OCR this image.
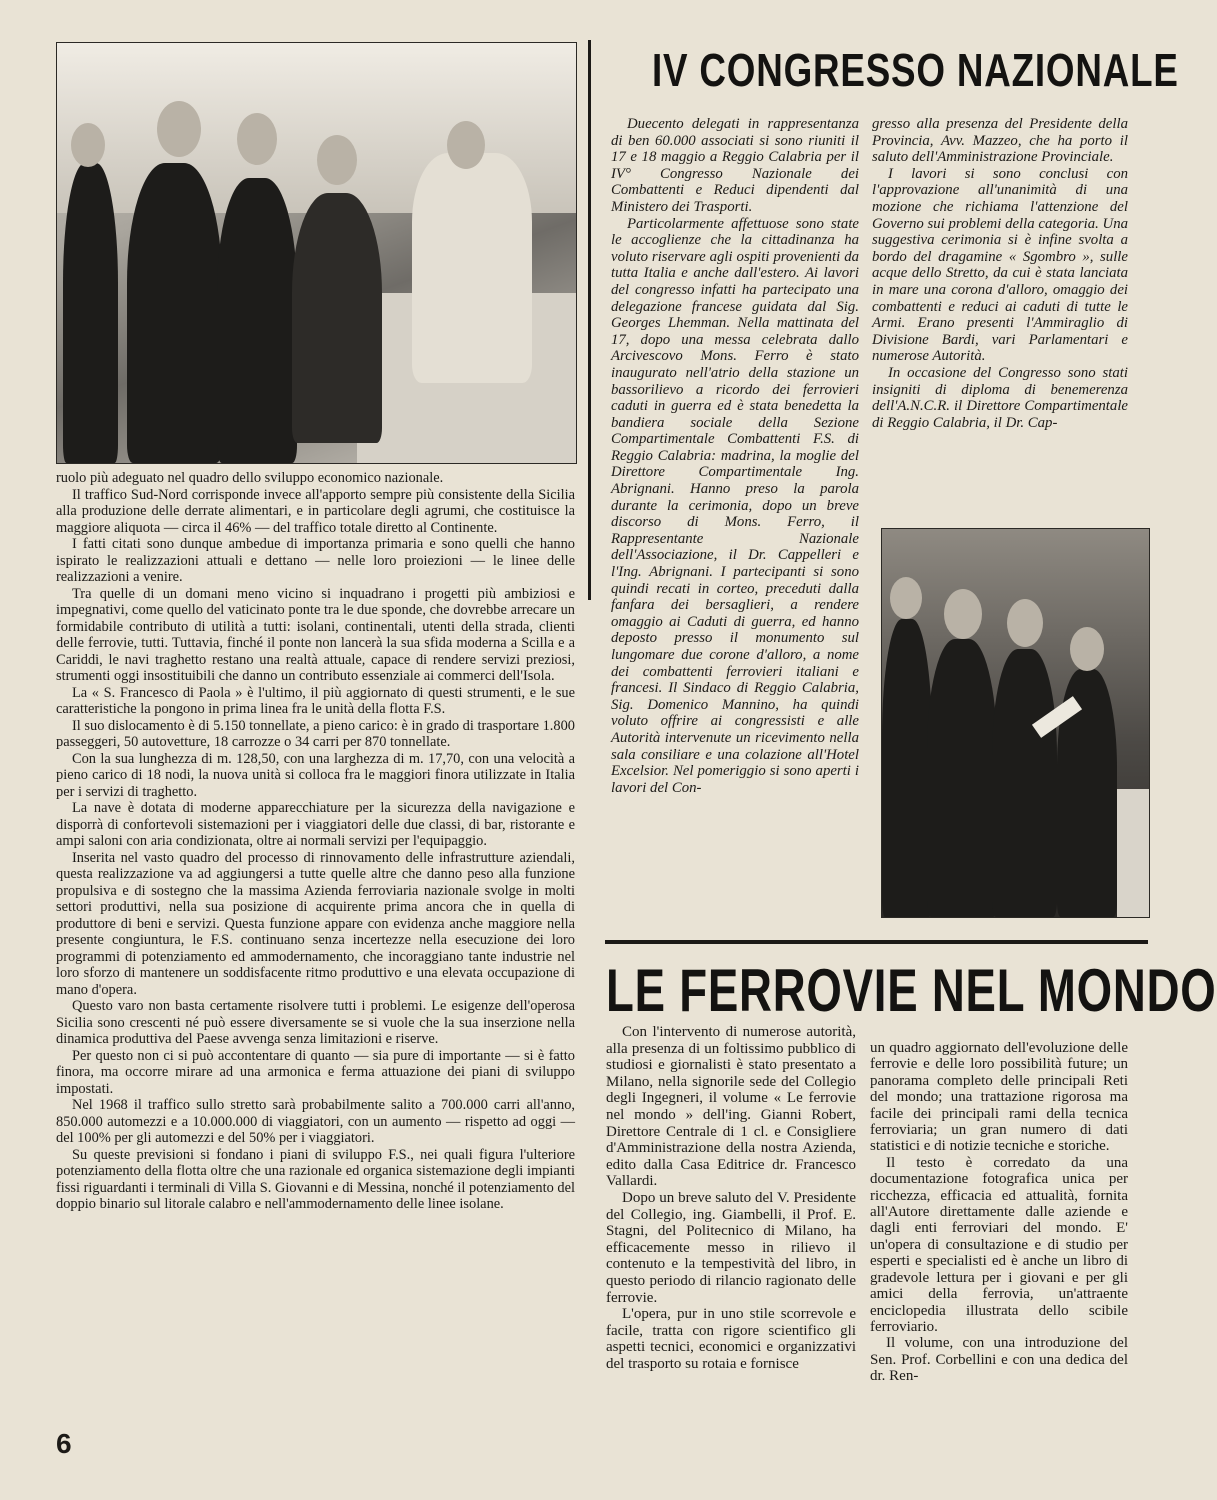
ruolo più adeguato nel quadro dello sviluppo economico nazionale.

Il traffico Sud-Nord corrisponde invece all'apporto sempre più consistente della Sicilia alla produzione delle derrate alimentari, e in particolare degli agrumi, che costituisce la maggiore aliquota — circa il 46% — del traffico totale diretto al Continente.

I fatti citati sono dunque ambedue di importanza primaria e sono quelli che hanno ispirato le realizzazioni attuali e dettano — nelle loro proiezioni — le linee delle realizzazioni a venire.

Tra quelle di un domani meno vicino si inquadrano i progetti più ambiziosi e impegnativi, come quello del vaticinato ponte tra le due sponde, che dovrebbe arrecare un formidabile contributo di utilità a tutti: isolani, continentali, utenti della strada, clienti delle ferrovie, tutti. Tuttavia, finché il ponte non lancerà la sua sfida moderna a Scilla e a Cariddi, le navi traghetto restano una realtà attuale, capace di rendere servizi preziosi, strumenti oggi insostituibili che danno un contributo essenziale ai commerci dell'Isola.

La « S. Francesco di Paola » è l'ultimo, il più aggiornato di questi strumenti, e le sue caratteristiche la pongono in prima linea fra le unità della flotta F.S.

Il suo dislocamento è di 5.150 tonnellate, a pieno carico: è in grado di trasportare 1.800 passeggeri, 50 autovetture, 18 carrozze o 34 carri per 870 tonnellate.

Con la sua lunghezza di m. 128,50, con una larghezza di m. 17,70, con una velocità a pieno carico di 18 nodi, la nuova unità si colloca fra le maggiori finora utilizzate in Italia per i servizi di traghetto.

La nave è dotata di moderne apparecchiature per la sicurezza della navigazione e disporrà di confortevoli sistemazioni per i viaggiatori delle due classi, di bar, ristorante e ampi saloni con aria condizionata, oltre ai normali servizi per l'equipaggio.

Inserita nel vasto quadro del processo di rinnovamento delle infrastrutture aziendali, questa realizzazione va ad aggiungersi a tutte quelle altre che danno peso alla funzione propulsiva e di sostegno che la massima Azienda ferroviaria nazionale svolge in molti settori produttivi, nella sua posizione di acquirente prima ancora che in quella di produttore di beni e servizi. Questa funzione appare con evidenza anche maggiore nella presente congiuntura, le F.S. continuano senza incertezze nella esecuzione dei loro programmi di potenziamento ed ammodernamento, che incoraggiano tante industrie nel loro sforzo di mantenere un soddisfacente ritmo produttivo e una elevata occupazione di mano d'opera.

Questo varo non basta certamente risolvere tutti i problemi. Le esigenze dell'operosa Sicilia sono crescenti né può essere diversamente se si vuole che la sua inserzione nella dinamica produttiva del Paese avvenga senza limitazioni e riserve.

Per questo non ci si può accontentare di quanto — sia pure di importante — si è fatto finora, ma occorre mirare ad una armonica e ferma attuazione dei piani di sviluppo impostati.

Nel 1968 il traffico sullo stretto sarà probabilmente salito a 700.000 carri all'anno, 850.000 automezzi e a 10.000.000 di viaggiatori, con un aumento — rispetto ad oggi — del 100% per gli automezzi e del 50% per i viaggiatori.

Su queste previsioni si fondano i piani di sviluppo F.S., nei quali figura l'ulteriore potenziamento della flotta oltre che una razionale ed organica sistemazione degli impianti fissi riguardanti i terminali di Villa S. Giovanni e di Messina, nonché il potenziamento del doppio binario sul litorale calabro e nell'ammodernamento delle linee isolane.

6
IV CONGRESSO NAZIONALE

Duecento delegati in rappresentanza di ben 60.000 associati si sono riuniti il 17 e 18 maggio a Reggio Calabria per il IV° Congresso Nazionale dei Combattenti e Reduci dipendenti dal Ministero dei Trasporti.

Particolarmente affettuose sono state le accoglienze che la cittadinanza ha voluto riservare agli ospiti provenienti da tutta Italia e anche dall'estero. Ai lavori del congresso infatti ha partecipato una delegazione francese guidata dal Sig. Georges Lhemman. Nella mattinata del 17, dopo una messa celebrata dallo Arcivescovo Mons. Ferro è stato inaugurato nell'atrio della stazione un bassorilievo a ricordo dei ferrovieri caduti in guerra ed è stata benedetta la bandiera sociale della Sezione Compartimentale Combattenti F.S. di Reggio Calabria: madrina, la moglie del Direttore Compartimentale Ing. Abrignani. Hanno preso la parola durante la cerimonia, dopo un breve discorso di Mons. Ferro, il Rappresentante Nazionale dell'Associazione, il Dr. Cappelleri e l'Ing. Abrignani. I partecipanti si sono quindi recati in corteo, preceduti dalla fanfara dei bersaglieri, a rendere omaggio ai Caduti di guerra, ed hanno deposto presso il monumento sul lungomare due corone d'alloro, a nome dei combattenti ferrovieri italiani e francesi. Il Sindaco di Reggio Calabria, Sig. Domenico Mannino, ha quindi voluto offrire ai congressisti e alle Autorità intervenute un ricevimento nella sala consiliare e una colazione all'Hotel Excelsior. Nel pomeriggio si sono aperti i lavori del Con-

gresso alla presenza del Presidente della Provincia, Avv. Mazzeo, che ha porto il saluto dell'Amministrazione Provinciale.

I lavori si sono conclusi con l'approvazione all'unanimità di una mozione che richiama l'attenzione del Governo sui problemi della categoria. Una suggestiva cerimonia si è infine svolta a bordo del dragamine « Sgombro », sulle acque dello Stretto, da cui è stata lanciata in mare una corona d'alloro, omaggio dei combattenti e reduci ai caduti di tutte le Armi. Erano presenti l'Ammiraglio di Divisione Bardi, vari Parlamentari e numerose Autorità.

In occasione del Congresso sono stati insigniti di diploma di benemerenza dell'A.N.C.R. il Direttore Compartimentale di Reggio Calabria, il Dr. Cap-

LE FERROVIE NEL MONDO

Con l'intervento di numerose autorità, alla presenza di un foltissimo pubblico di studiosi e giornalisti è stato presentato a Milano, nella signorile sede del Collegio degli Ingegneri, il volume « Le ferrovie nel mondo » dell'ing. Gianni Robert, Direttore Centrale di 1 cl. e Consigliere d'Amministrazione della nostra Azienda, edito dalla Casa Editrice dr. Francesco Vallardi.

Dopo un breve saluto del V. Presidente del Collegio, ing. Giambelli, il Prof. E. Stagni, del Politecnico di Milano, ha efficacemente messo in rilievo il contenuto e la tempestività del libro, in questo periodo di rilancio ragionato delle ferrovie.

L'opera, pur in uno stile scorrevole e facile, tratta con rigore scientifico gli aspetti tecnici, economici e organizzativi del trasporto su rotaia e fornisce

un quadro aggiornato dell'evoluzione delle ferrovie e delle loro possibilità future; un panorama completo delle principali Reti del mondo; una trattazione rigorosa ma facile dei principali rami della tecnica ferroviaria; un gran numero di dati statistici e di notizie tecniche e storiche.

Il testo è corredato da una documentazione fotografica unica per ricchezza, efficacia ed attualità, fornita all'Autore direttamente dalle aziende e dagli enti ferroviari del mondo. E' un'opera di consultazione e di studio per esperti e specialisti ed è anche un libro di gradevole lettura per i giovani e per gli amici della ferrovia, un'attraente enciclopedia illustrata dello scibile ferroviario.

Il volume, con una introduzione del Sen. Prof. Corbellini e con una dedica del dr. Ren-
